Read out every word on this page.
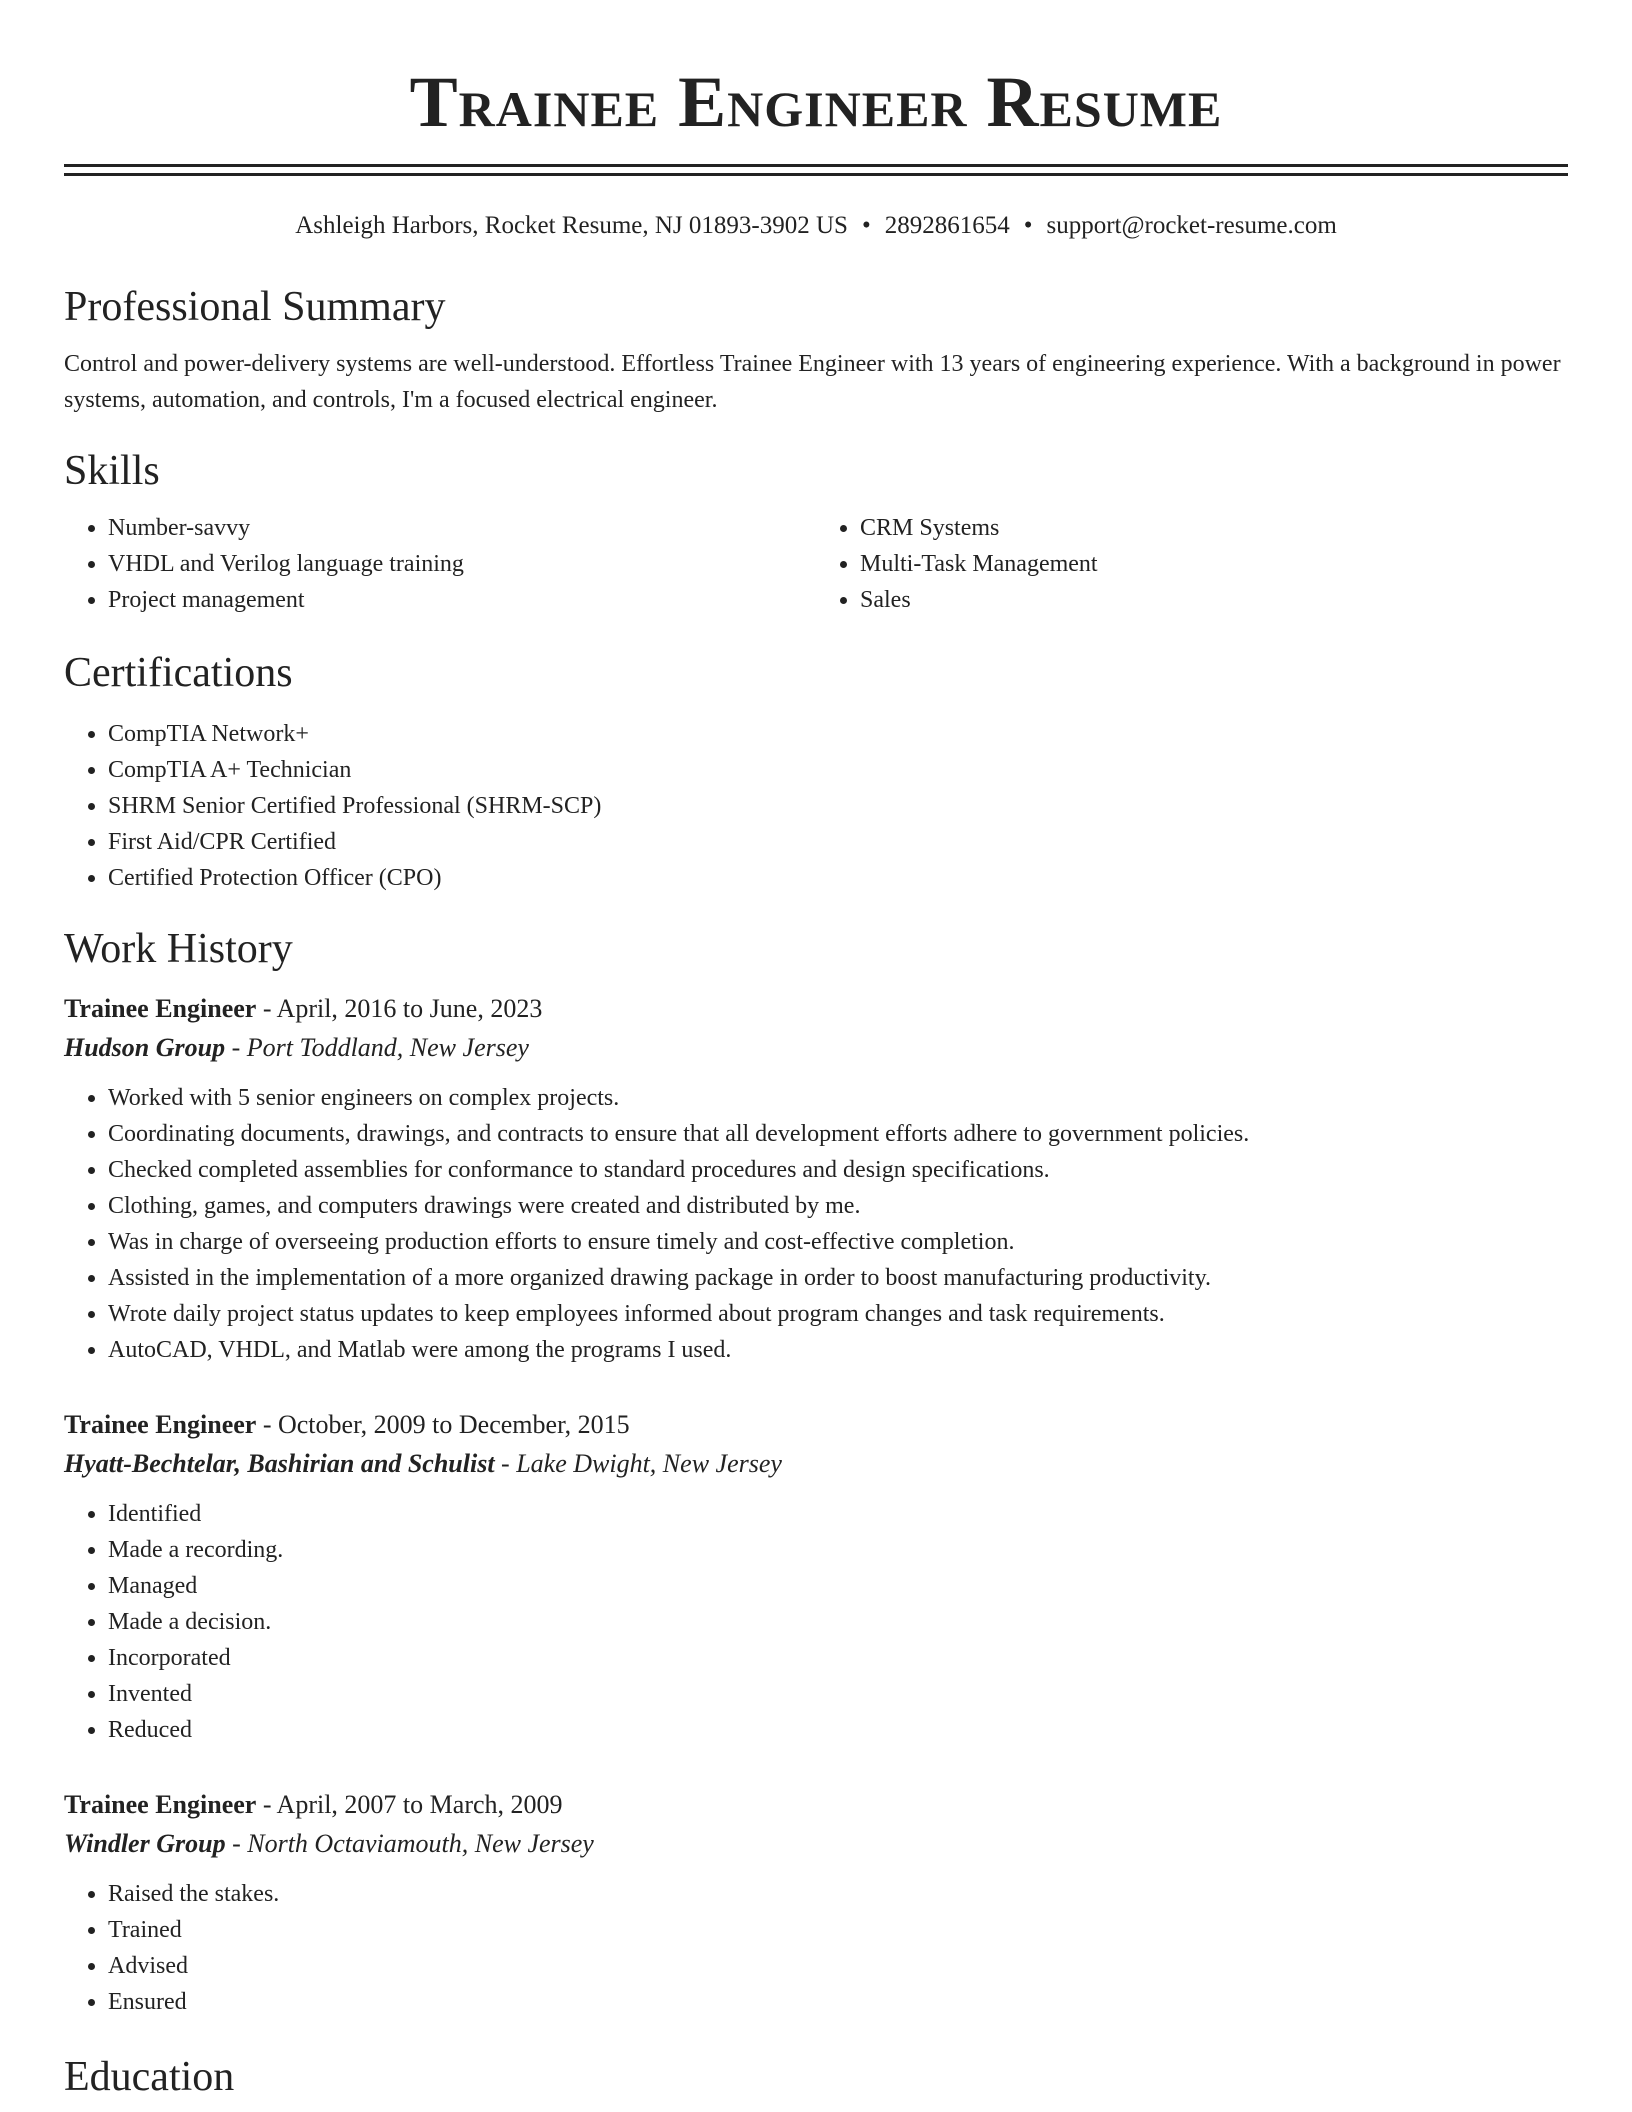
Trainee Engineer Resume
Ashleigh Harbors, Rocket Resume, NJ 01893-3902 US • 2892861654 • support@rocket-resume.com
Professional Summary
Control and power-delivery systems are well-understood. Effortless Trainee Engineer with 13 years of engineering experience. With a background in power systems, automation, and controls, I'm a focused electrical engineer.
Skills
• Number-savvy
• VHDL and Verilog language training
• Project management
• CRM Systems
• Multi-Task Management
• Sales
Certifications
• CompTIA Network+
• CompTIA A+ Technician
• SHRM Senior Certified Professional (SHRM-SCP)
• First Aid/CPR Certified
• Certified Protection Officer (CPO)
Work History
Trainee Engineer - April, 2016 to June, 2023
Hudson Group - Port Toddland, New Jersey
• Worked with 5 senior engineers on complex projects.
• Coordinating documents, drawings, and contracts to ensure that all development efforts adhere to government policies.
• Checked completed assemblies for conformance to standard procedures and design specifications.
• Clothing, games, and computers drawings were created and distributed by me.
• Was in charge of overseeing production efforts to ensure timely and cost-effective completion.
• Assisted in the implementation of a more organized drawing package in order to boost manufacturing productivity.
• Wrote daily project status updates to keep employees informed about program changes and task requirements.
• AutoCAD, VHDL, and Matlab were among the programs I used.
Trainee Engineer - October, 2009 to December, 2015
Hyatt-Bechtelar, Bashirian and Schulist - Lake Dwight, New Jersey
• Identified
• Made a recording.
• Managed
• Made a decision.
• Incorporated
• Invented
• Reduced
Trainee Engineer - April, 2007 to March, 2009
Windler Group - North Octaviamouth, New Jersey
• Raised the stakes.
• Trained
• Advised
• Ensured
Education
